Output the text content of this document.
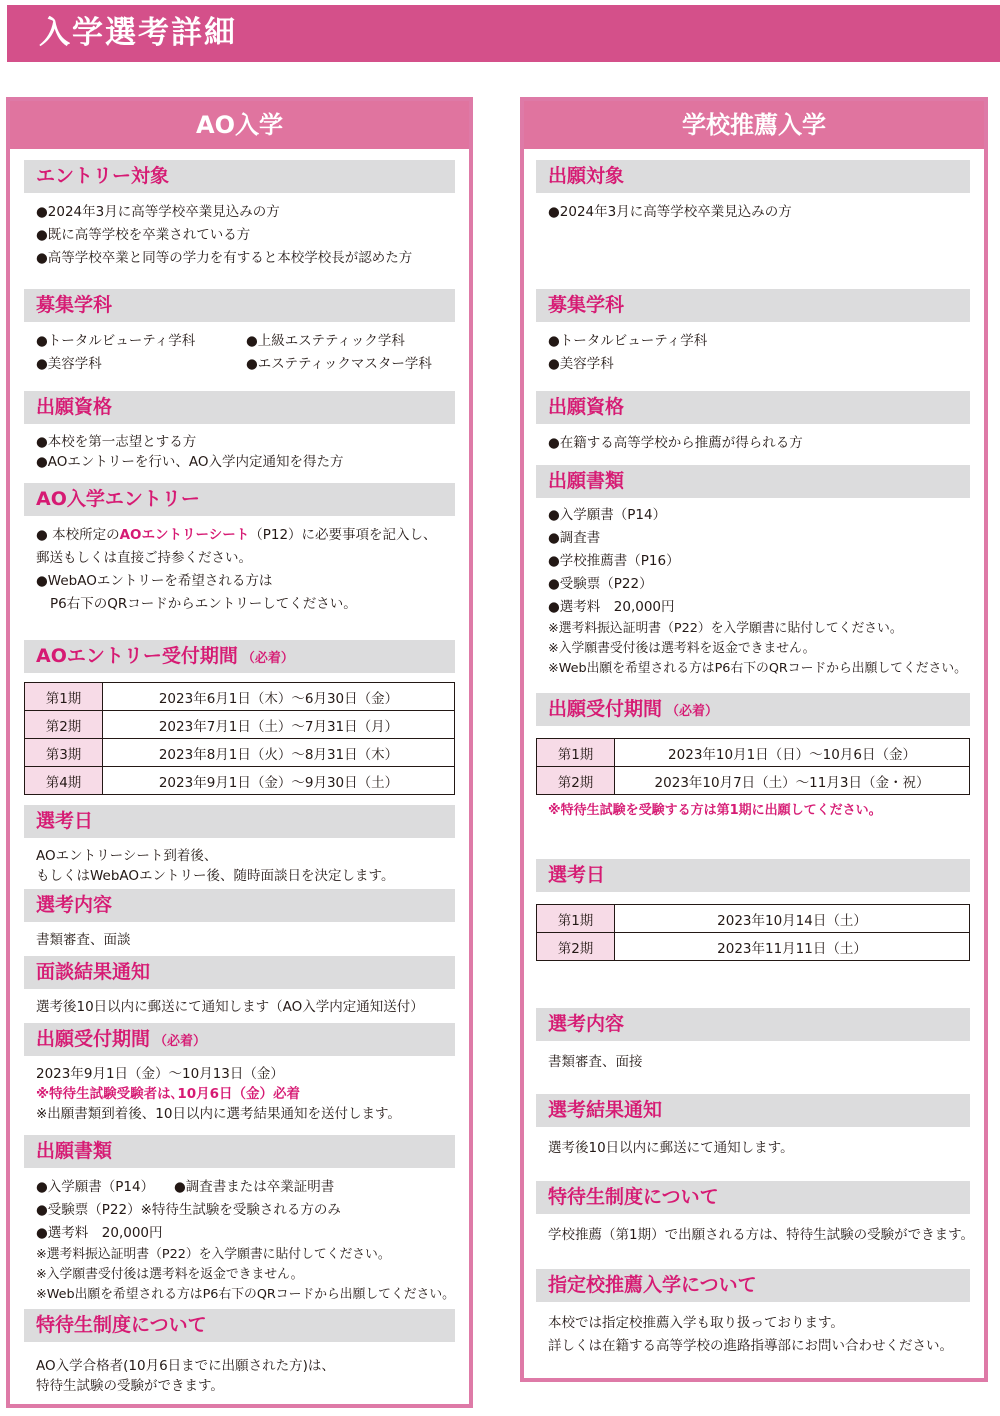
入学選考詳細
AO入学
エントリー対象

●2024年3月に高等学校卒業見込みの方

●既に高等学校を卒業されている方

●高等学校卒業と同等の学力を有すると本校学校長が認めた方

募集学科

●トータルビューティ学科	●上級エステティック学科

●美容学科	●エステティックマスター学科

出願資格

●本校を第一志望とする方

●AOエントリーを行い、AO入学内定通知を得た方

AO入学エントリー

● 本校所定のAOエントリーシート（P12）に必要事項を記入し、

郵送もしくは直接ご持参ください。

●WebAOエントリーを希望される方は

P6右下のQRコードからエントリーしてください。

AOエントリー受付期間 （必着）
第1期	2023年6月1日（木）～6月30日（金）
第2期	2023年7月1日（土）～7月31日（月）
第3期	2023年8月1日（火）～8月31日（木）
第4期	2023年9月1日（金）～9月30日（土）
選考日

AOエントリーシート到着後、

もしくはWebAOエントリー後、随時面談日を決定します。

選考内容

書類審査、面談

面談結果通知

選考後10日以内に郵送にて通知します（AO入学内定通知送付）

出願受付期間 （必着）

2023年9月1日（金）～10月13日（金）

※特待生試験受験者は､10月6日（金）必着

※出願書類到着後、10日以内に選考結果通知を送付します。

出願書類

●入学願書（P14）	●調査書または卒業証明書

●受験票（P22）※特待生試験を受験される方のみ

●選考料　20,000円

※選考料振込証明書（P22）を入学願書に貼付してください。

※入学願書受付後は選考料を返金できません。

※Web出願を希望される方はP6右下のQRコードから出願してください。

特待生制度について

AO入学合格者(10月6日までに出願された方)は、

特待生試験の受験ができます。

学校推薦入学
出願対象

●2024年3月に高等学校卒業見込みの方

募集学科

●トータルビューティ学科

●美容学科

出願資格

●在籍する高等学校から推薦が得られる方

出願書類

●入学願書（P14）

●調査書

●学校推薦書（P16）

●受験票（P22）

●選考料　20,000円

※選考料振込証明書（P22）を入学願書に貼付してください。

※入学願書受付後は選考料を返金できません。

※Web出願を希望される方はP6右下のQRコードから出願してください。

出願受付期間 （必着）
第1期	2023年10月1日（日）～10月6日（金）
第2期	2023年10月7日（土）～11月3日（金・祝）

※特待生試験を受験する方は第1期に出願してください。

選考日
第1期	2023年10月14日（土）
第2期	2023年11月11日（土）
選考内容

書類審査、面接

選考結果通知

選考後10日以内に郵送にて通知します。

特待生制度について

学校推薦（第1期）で出願される方は、特待生試験の受験ができます。

指定校推薦入学について

本校では指定校推薦入学も取り扱っております。

詳しくは在籍する高等学校の進路指導部にお問い合わせください。
